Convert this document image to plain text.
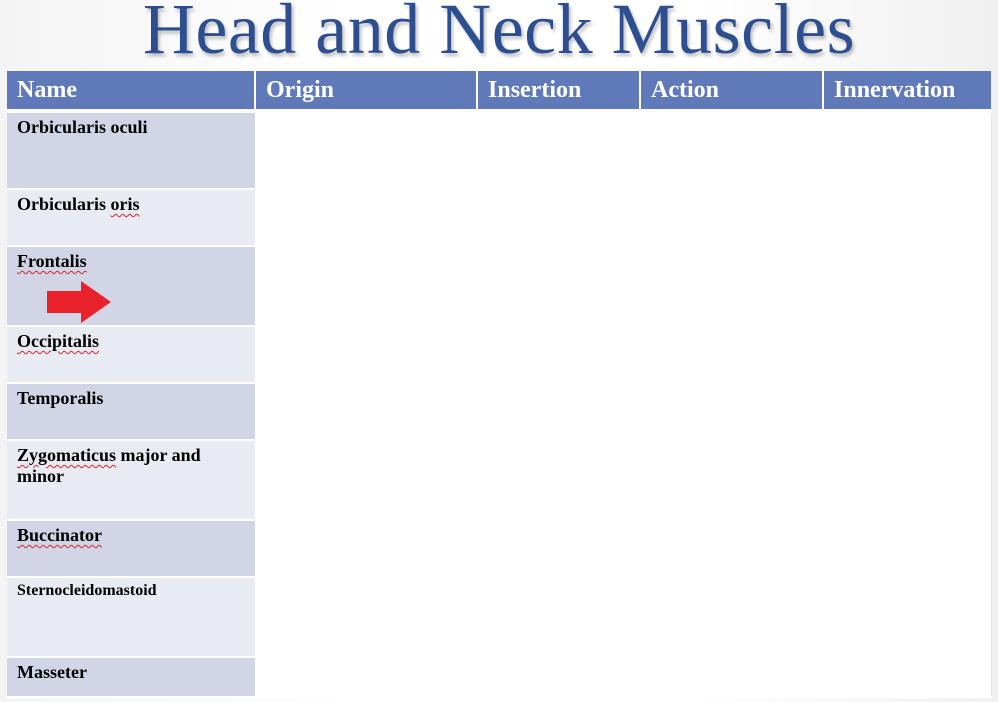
Head and Neck Muscles
Name	Origin	Insertion	Action	Innervation
Orbicularis oculi				
Orbicularis oris				
Frontalis				
Occipitalis				
Temporalis				
Zygomaticus major and minor				
Buccinator				
Sternocleidomastoid				
Masseter				
